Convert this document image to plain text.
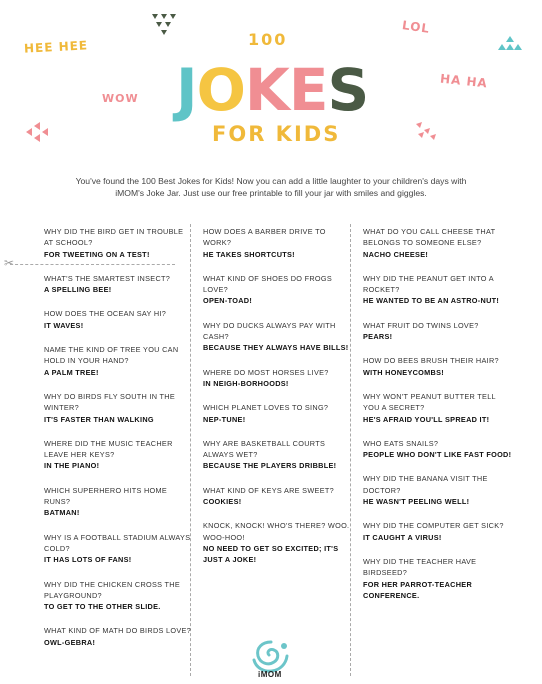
HEE HEE
WOW
LOL
HA HA
100
JOKES
FOR KIDS

You've found the 100 Best Jokes for Kids! Now you can add a little laughter to your children's days with iMOM's Joke Jar. Just use our free printable to fill your jar with smiles and giggles.

✂
WHY DID THE BIRD GET IN TROUBLE AT SCHOOL?
FOR TWEETING ON A TEST!
WHAT'S THE SMARTEST INSECT?
A SPELLING BEE!
HOW DOES THE OCEAN SAY HI?
IT WAVES!
NAME THE KIND OF TREE YOU CAN HOLD IN YOUR HAND?
A PALM TREE!
WHY DO BIRDS FLY SOUTH IN THE WINTER?
IT'S FASTER THAN WALKING
WHERE DID THE MUSIC TEACHER LEAVE HER KEYS?
IN THE PIANO!
WHICH SUPERHERO HITS HOME RUNS?
BATMAN!
WHY IS A FOOTBALL STADIUM ALWAYS COLD?
IT HAS LOTS OF FANS!
WHY DID THE CHICKEN CROSS THE PLAYGROUND?
TO GET TO THE OTHER SLIDE.
WHAT KIND OF MATH DO BIRDS LOVE?
OWL-GEBRA!
HOW DOES A BARBER DRIVE TO WORK?
HE TAKES SHORTCUTS!
WHAT KIND OF SHOES DO FROGS LOVE?
OPEN-TOAD!
WHY DO DUCKS ALWAYS PAY WITH CASH?
BECAUSE THEY ALWAYS HAVE BILLS!
WHERE DO MOST HORSES LIVE?
IN NEIGH-BORHOODS!
WHICH PLANET LOVES TO SING?
NEP-TUNE!
WHY ARE BASKETBALL COURTS ALWAYS WET?
BECAUSE THE PLAYERS DRIBBLE!
WHAT KIND OF KEYS ARE SWEET?
COOKIES!
KNOCK, KNOCK! WHO'S THERE? WOO. WOO-HOO!
NO NEED TO GET SO EXCITED; IT'S JUST A JOKE!
WHAT DO YOU CALL CHEESE THAT BELONGS TO SOMEONE ELSE?
NACHO CHEESE!
WHY DID THE PEANUT GET INTO A ROCKET?
HE WANTED TO BE AN ASTRO-NUT!
WHAT FRUIT DO TWINS LOVE?
PEARS!
HOW DO BEES BRUSH THEIR HAIR?
WITH HONEYCOMBS!
WHY WON'T PEANUT BUTTER TELL YOU A SECRET?
HE'S AFRAID YOU'LL SPREAD IT!
WHO EATS SNAILS?
PEOPLE WHO DON'T LIKE FAST FOOD!
WHY DID THE BANANA VISIT THE DOCTOR?
HE WASN'T PEELING WELL!
WHY DID THE COMPUTER GET SICK?
IT CAUGHT A VIRUS!
WHY DID THE TEACHER HAVE BIRDSEED?
FOR HER PARROT-TEACHER CONFERENCE.
iMOM
